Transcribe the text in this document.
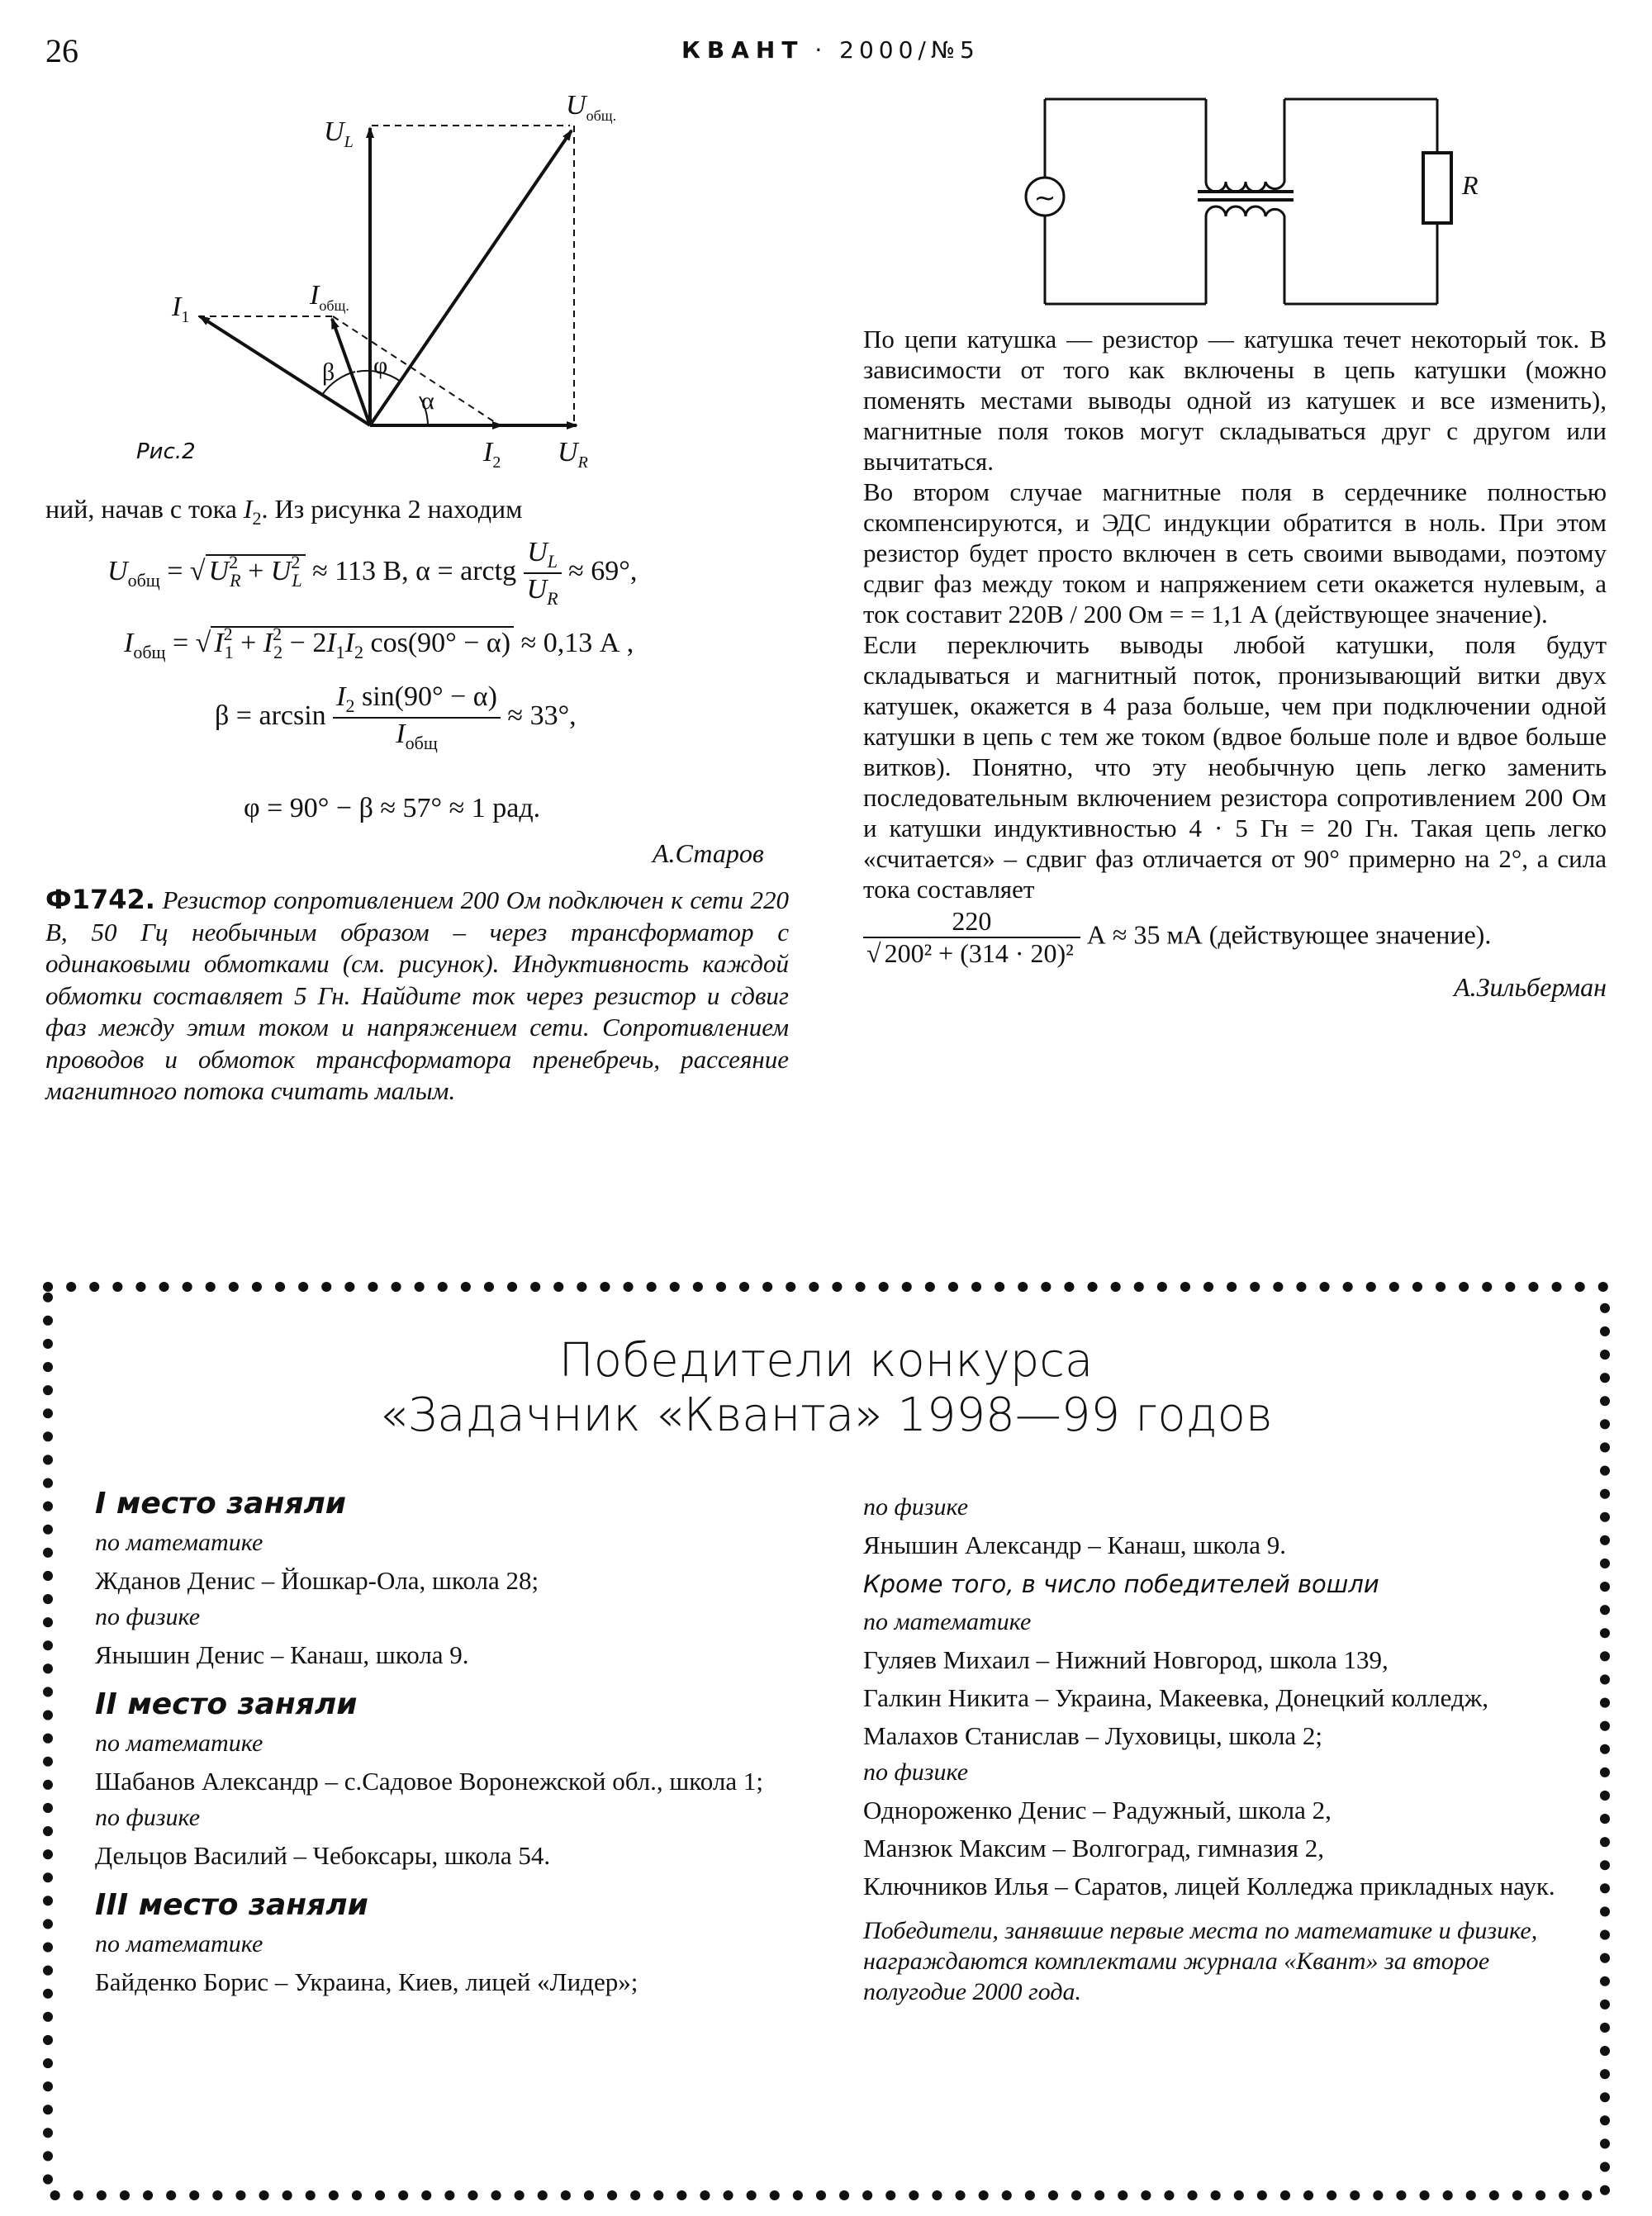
26	КВАНТ · 2000/№5
$U_L$
$U_{общ.}$
$I_1$
$I_{общ.}$
$I_2$ $U_R$
β φ
α
Рис.2
ний, начав с тока $I_2$. Из рисунка 2 находим
$U_{общ}$ = √ $U^2_R + U^2_L \approx 113$ В, α = arctg $\frac{U_L}{U_R} \approx 69^\circ$,
$I_{общ}$ = √ $I^2_1 + I^2_2 - 2I_1I_2$ cos(90° − α) ≈ 0,13 А ,
$\beta = \arcsin \frac{I_2 \sin(90^\circ - \alpha)}{I_{общ}} \approx 33^\circ$,
φ = 90° − β ≈ 57° ≈ 1 рад.
А.Старов
Ф1742. Резистор сопротивлением 200 Ом подключен к сети 220 В, 50 Гц необычным образом – через трансформатор с одинаковыми обмотками (см. рисунок). Индуктивность каждой обмотки составляет 5 Гн. Найдите ток через резистор и сдвиг фаз между этим током и напряжением сети. Сопротивлением проводов и обмоток трансформатора пренебречь, рассеяние магнитного потока считать малым.
~	R
По цепи катушка — резистор — катушка течет некоторый ток. В зависимости от того как включены в цепь катушки (можно поменять местами выводы одной из катушек и все изменить), магнитные поля токов могут складываться друг с другом или вычитаться.
Во втором случае магнитные поля в сердечнике полностью скомпенсируются, и ЭДС индукции обратится в ноль. При этом резистор будет просто включен в сеть своими выводами, поэтому сдвиг фаз между током и напряжением сети окажется нулевым, а ток составит 220В / 200 Ом = = 1,1 А (действующее значение).
Если переключить выводы любой катушки, поля будут складываться и магнитный поток, пронизывающий витки двух катушек, окажется в 4 раза больше, чем при подключении одной катушки в цепь с тем же током (вдвое больше поле и вдвое больше витков). Понятно, что эту необычную цепь легко заменить последовательным включением резистора сопротивлением 200 Ом и катушки индуктивностью 4 · 5 Гн = 20 Гн. Такая цепь легко «считается» – сдвиг фаз отличается от 90° примерно на 2°, а сила тока составляет
$\frac{220}{\text{√ 200² + (314 · 20)²}}$ А ≈ 35 мА (действующее значение).
А.Зильберман
Победители конкурса
«Задачник «Кванта» 1998—99 годов
I место заняли
по математике
Жданов Денис – Йошкар-Ола, школа 28;
по физике
Янышин Денис – Канаш, школа 9.
II место заняли
по математике
Шабанов Александр – с.Садовое Воронежской обл., школа 1;
по физике
Дельцов Василий – Чебоксары, школа 54.
III место заняли
по математике
Байденко Борис – Украина, Киев, лицей «Лидер»;
по физике
Янышин Александр – Канаш, школа 9.
Кроме того, в число победителей вошли
по математике
Гуляев Михаил – Нижний Новгород, школа 139,
Галкин Никита – Украина, Макеевка, Донецкий колледж,
Малахов Станислав – Луховицы, школа 2;
по физике
Однороженко Денис – Радужный, школа 2,
Манзюк Максим – Волгоград, гимназия 2,
Ключников Илья – Саратов, лицей Колледжа прикладных наук.
Победители, занявшие первые места по математике и физике, награждаются комплектами журнала «Квант» за второе полугодие 2000 года.
